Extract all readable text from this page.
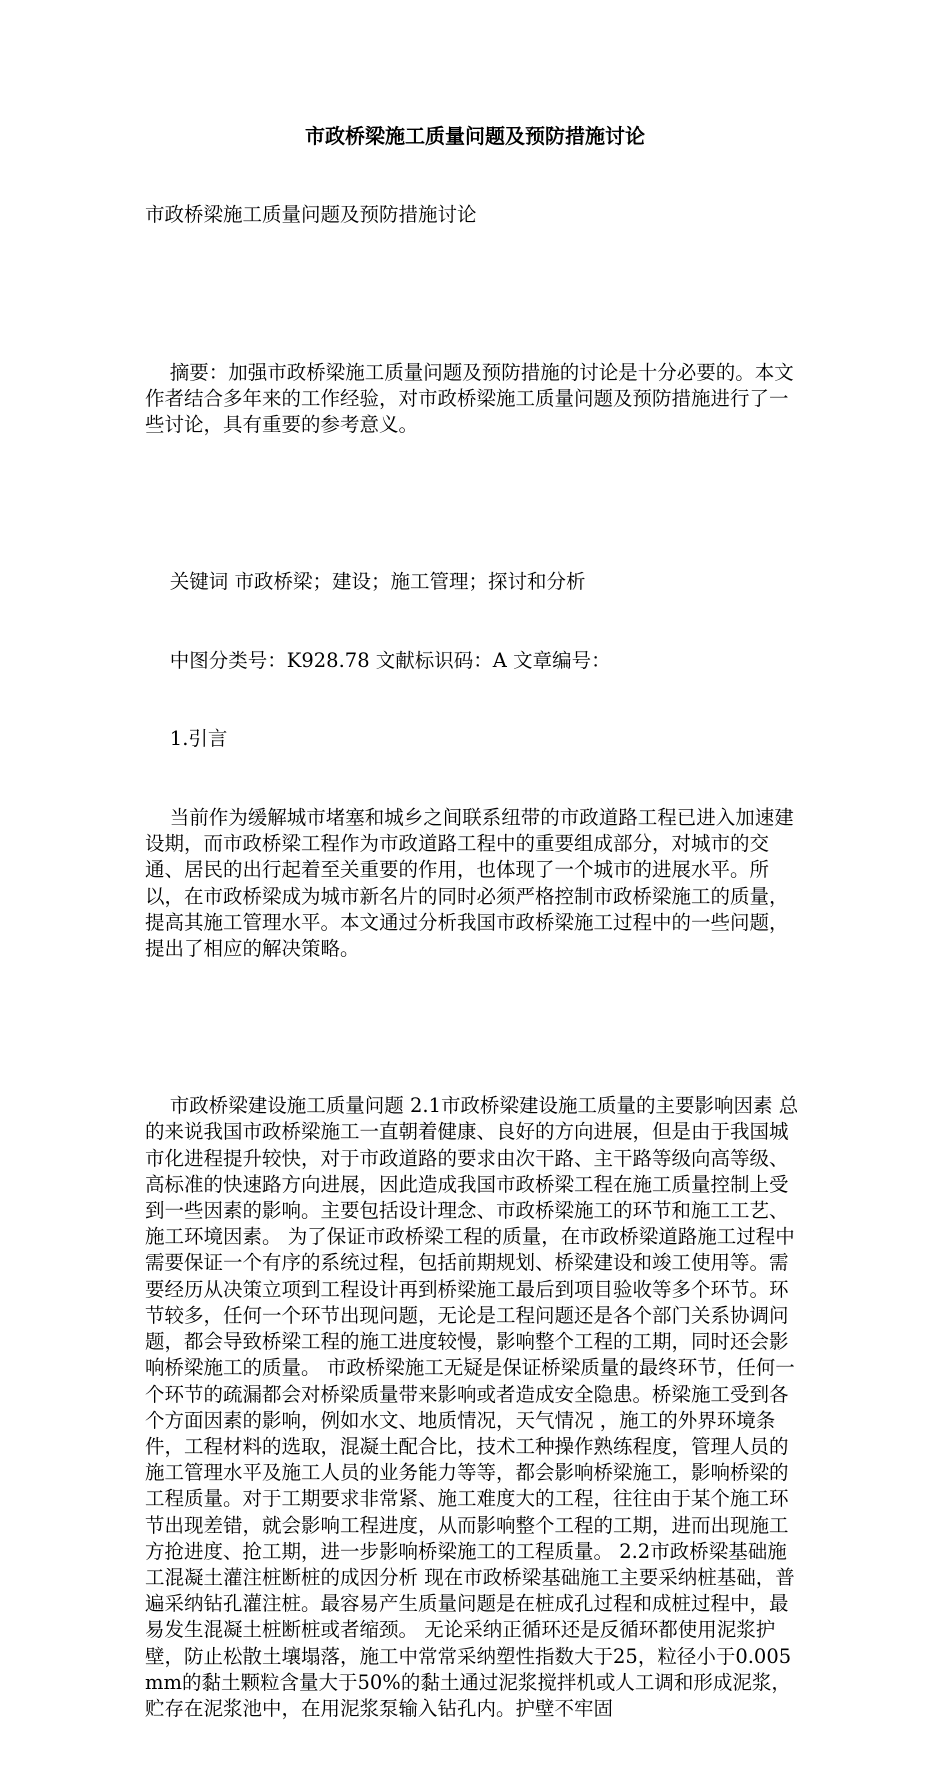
市政桥梁施工质量问题及预防措施讨论

市政桥梁施工质量问题及预防措施讨论

摘要：加强市政桥梁施工质量问题及预防措施的讨论是十分必要的。本文作者结合多年来的工作经验，对市政桥梁施工质量问题及预防措施进行了一些讨论，具有重要的参考意义。

关键词 市政桥梁；建设；施工管理；探讨和分析

中图分类号：K928.78 文献标识码：A 文章编号：

1.引言

当前作为缓解城市堵塞和城乡之间联系纽带的市政道路工程已进入加速建设期，而市政桥梁工程作为市政道路工程中的重要组成部分，对城市的交通、居民的出行起着至关重要的作用，也体现了一个城市的进展水平。所以，在市政桥梁成为城市新名片的同时必须严格控制市政桥梁施工的质量，提高其施工管理水平。本文通过分析我国市政桥梁施工过程中的一些问题，提出了相应的解决策略。

市政桥梁建设施工质量问题 2.1市政桥梁建设施工质量的主要影响因素 总的来说我国市政桥梁施工一直朝着健康、良好的方向进展，但是由于我国城市化进程提升较快，对于市政道路的要求由次干路、主干路等级向高等级、高标准的快速路方向进展，因此造成我国市政桥梁工程在施工质量控制上受到一些因素的影响。主要包括设计理念、市政桥梁施工的环节和施工工艺、施工环境因素。 为了保证市政桥梁工程的质量，在市政桥梁道路施工过程中需要保证一个有序的系统过程，包括前期规划、桥梁建设和竣工使用等。需要经历从决策立项到工程设计再到桥梁施工最后到项目验收等多个环节。环节较多，任何一个环节出现问题，无论是工程问题还是各个部门关系协调问题，都会导致桥梁工程的施工进度较慢，影响整个工程的工期，同时还会影响桥梁施工的质量。 市政桥梁施工无疑是保证桥梁质量的最终环节，任何一个环节的疏漏都会对桥梁质量带来影响或者造成安全隐患。桥梁施工受到各个方面因素的影响，例如水文、地质情况，天气情况 ，施工的外界环境条件，工程材料的选取，混凝土配合比，技术工种操作熟练程度，管理人员的施工管理水平及施工人员的业务能力等等，都会影响桥梁施工，影响桥梁的工程质量。对于工期要求非常紧、施工难度大的工程，往往由于某个施工环节出现差错，就会影响工程进度，从而影响整个工程的工期，进而出现施工方抢进度、抢工期，进一步影响桥梁施工的工程质量。 2.2市政桥梁基础施工混凝土灌注桩断桩的成因分析 现在市政桥梁基础施工主要采纳桩基础，普遍采纳钻孔灌注桩。最容易产生质量问题是在桩成孔过程和成桩过程中，最易发生混凝土桩断桩或者缩颈。 无论采纳正循环还是反循环都使用泥浆护壁，防止松散土壤塌落，施工中常常采纳塑性指数大于25，粒径小于0.005mm的黏土颗粒含量大于50%的黏土通过泥浆搅拌机或人工调和形成泥浆，贮存在泥浆池中，在用泥浆泵输入钻孔内。护壁不牢固
